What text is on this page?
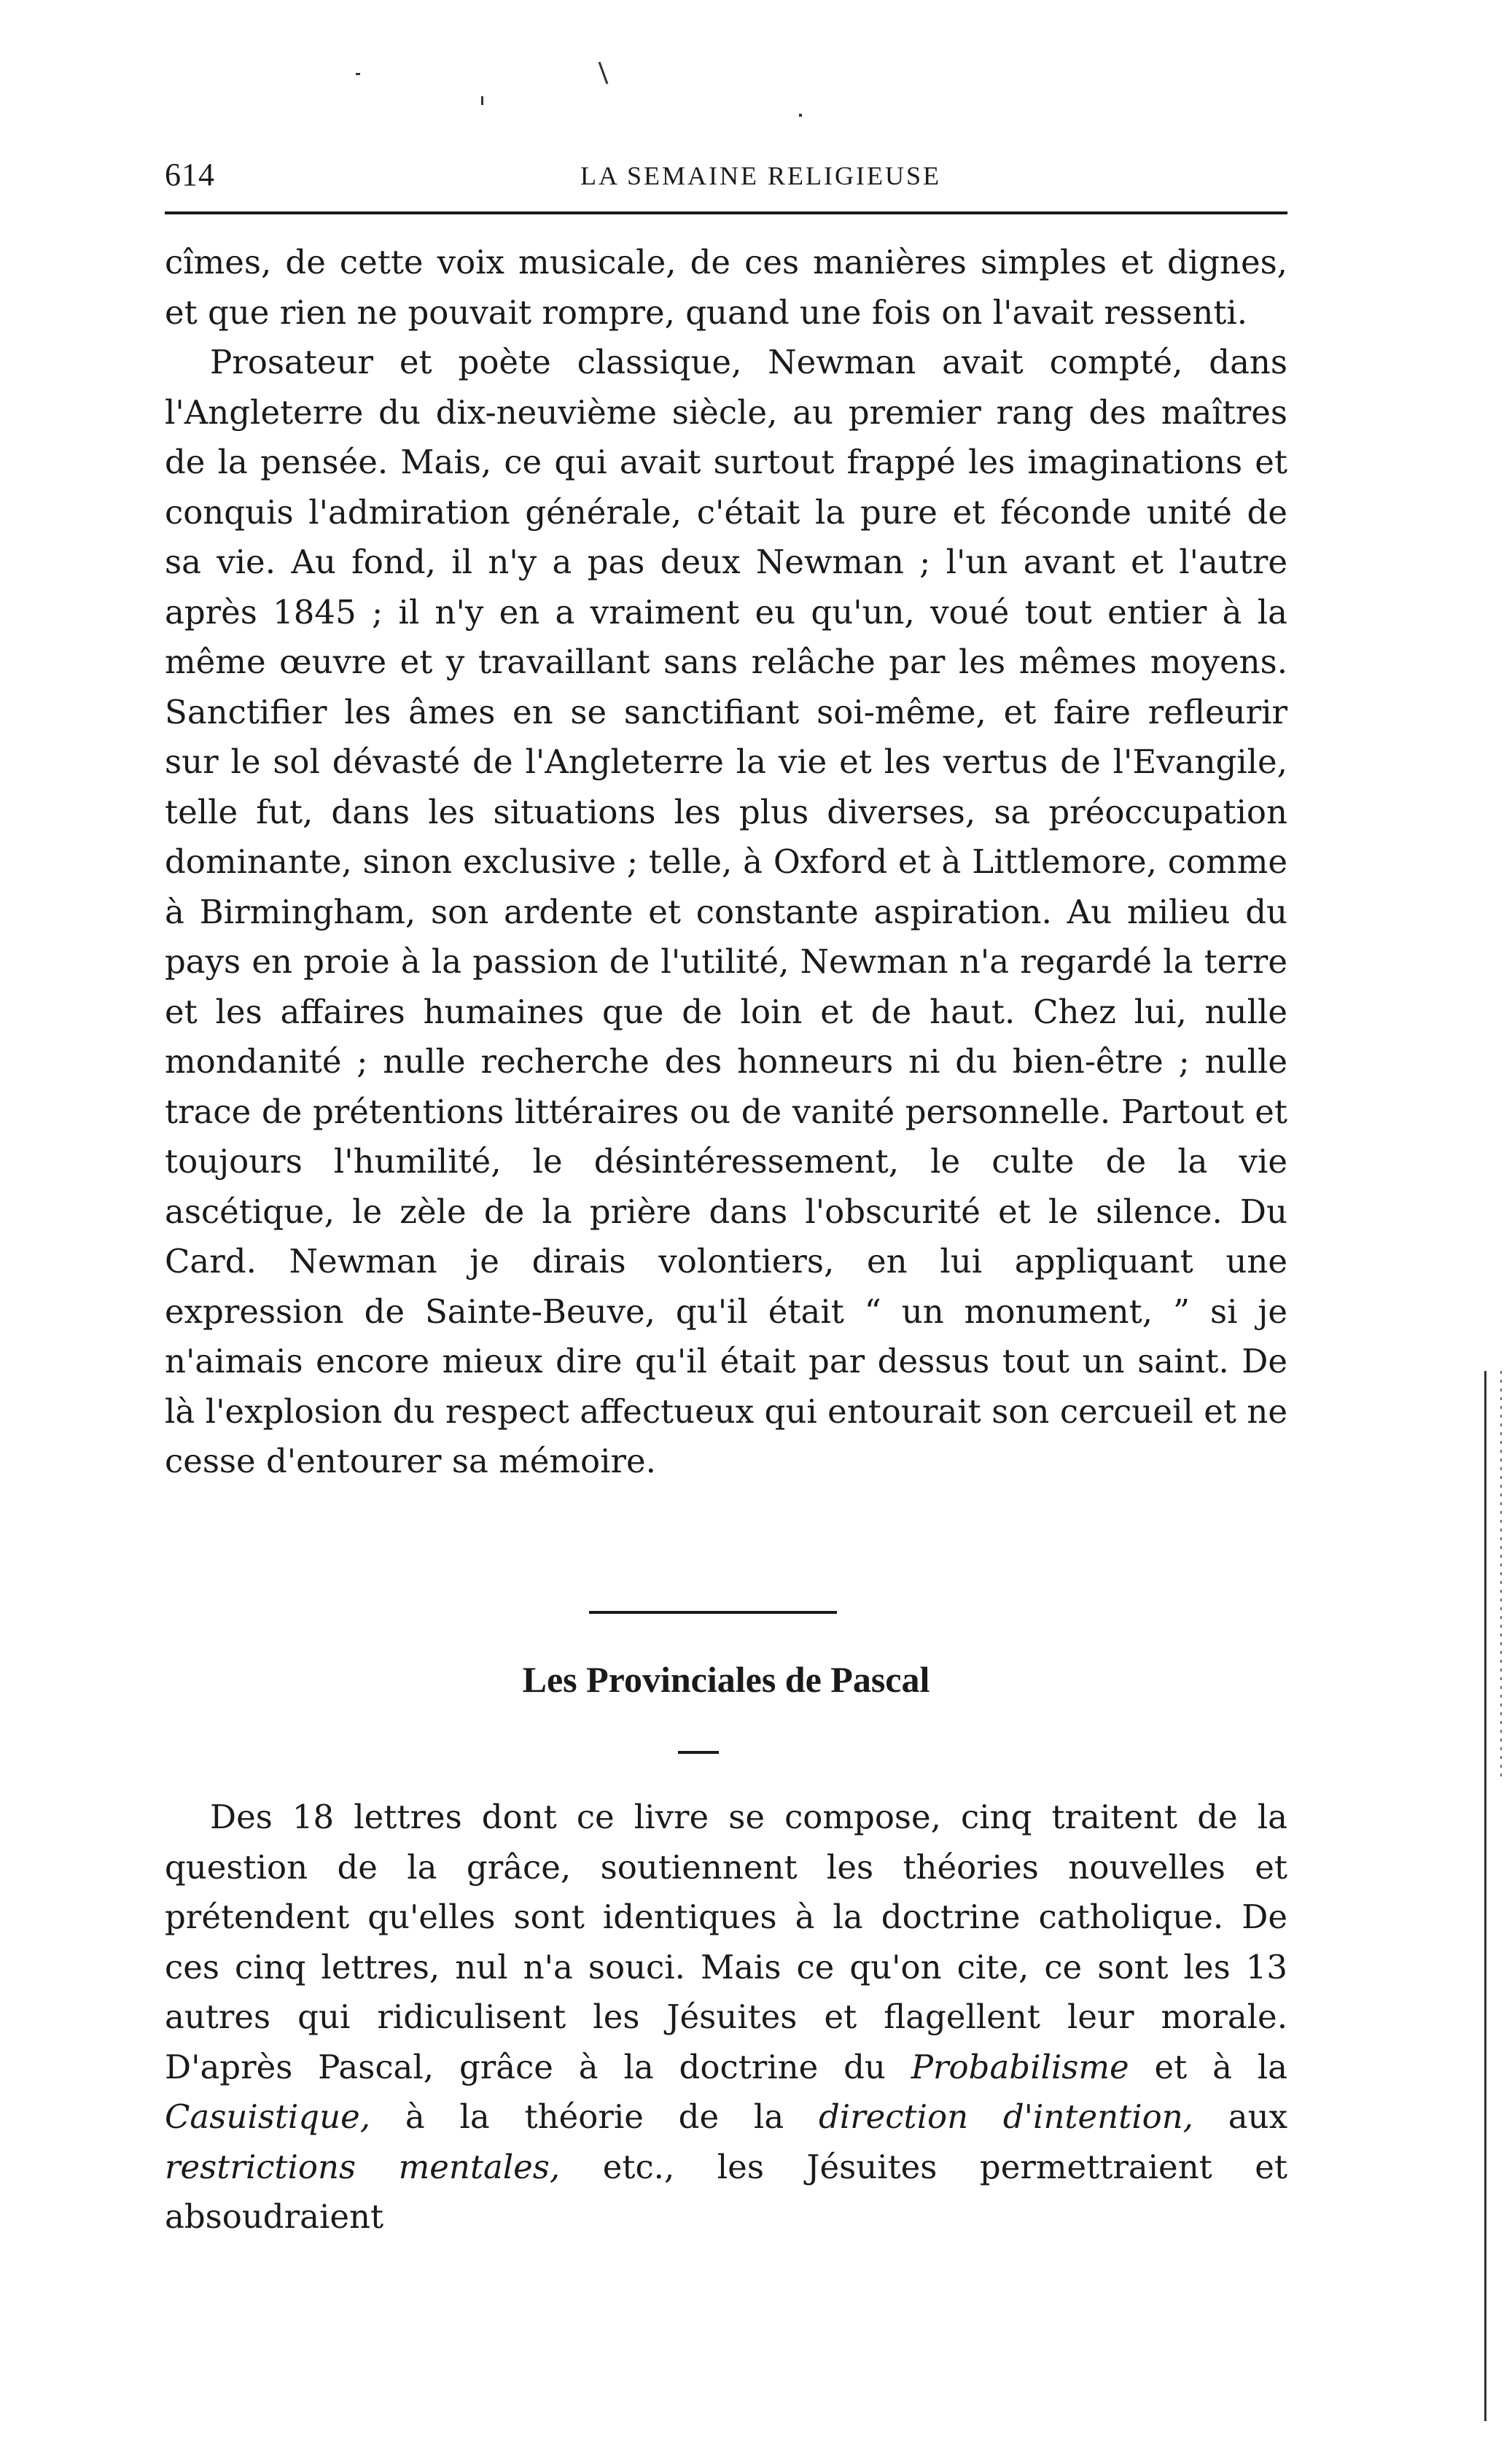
614	LA SEMAINE RELIGIEUSE

cîmes, de cette voix musicale, de ces manières simples et dignes, et que rien ne pouvait rompre, quand une fois on l'avait ressenti.

Prosateur et poète classique, Newman avait compté, dans l'Angleterre du dix-neuvième siècle, au premier rang des maîtres de la pensée. Mais, ce qui avait surtout frappé les imaginations et conquis l'admiration générale, c'était la pure et féconde unité de sa vie. Au fond, il n'y a pas deux Newman ; l'un avant et l'autre après 1845 ; il n'y en a vraiment eu qu'un, voué tout entier à la même œuvre et y travaillant sans relâche par les mêmes moyens. Sanctifier les âmes en se sanctifiant soi-même, et faire refleurir sur le sol dévasté de l'Angleterre la vie et les vertus de l'Evangile, telle fut, dans les situations les plus diverses, sa préoccupation dominante, sinon exclusive ; telle, à Oxford et à Littlemore, comme à Birmingham, son ardente et constante aspiration. Au milieu du pays en proie à la passion de l'utilité, Newman n'a regardé la terre et les affaires humaines que de loin et de haut. Chez lui, nulle mondanité ; nulle recherche des honneurs ni du bien-être ; nulle trace de prétentions littéraires ou de vanité personnelle. Partout et toujours l'humilité, le désintéressement, le culte de la vie ascétique, le zèle de la prière dans l'obscurité et le silence. Du Card. Newman je dirais volontiers, en lui appliquant une expression de Sainte-Beuve, qu'il était “ un monument, ” si je n'aimais encore mieux dire qu'il était par dessus tout un saint. De là l'explosion du respect affectueux qui entourait son cercueil et ne cesse d'entourer sa mémoire.

Les Provinciales de Pascal

Des 18 lettres dont ce livre se compose, cinq traitent de la question de la grâce, soutiennent les théories nouvelles et prétendent qu'elles sont identiques à la doctrine catholique. De ces cinq lettres, nul n'a souci. Mais ce qu'on cite, ce sont les 13 autres qui ridiculisent les Jésuites et flagellent leur morale. D'après Pascal, grâce à la doctrine du Probabilisme et à la Casuistique, à la théorie de la direction d'intention, aux restrictions mentales, etc., les Jésuites permettraient et absoudraient
